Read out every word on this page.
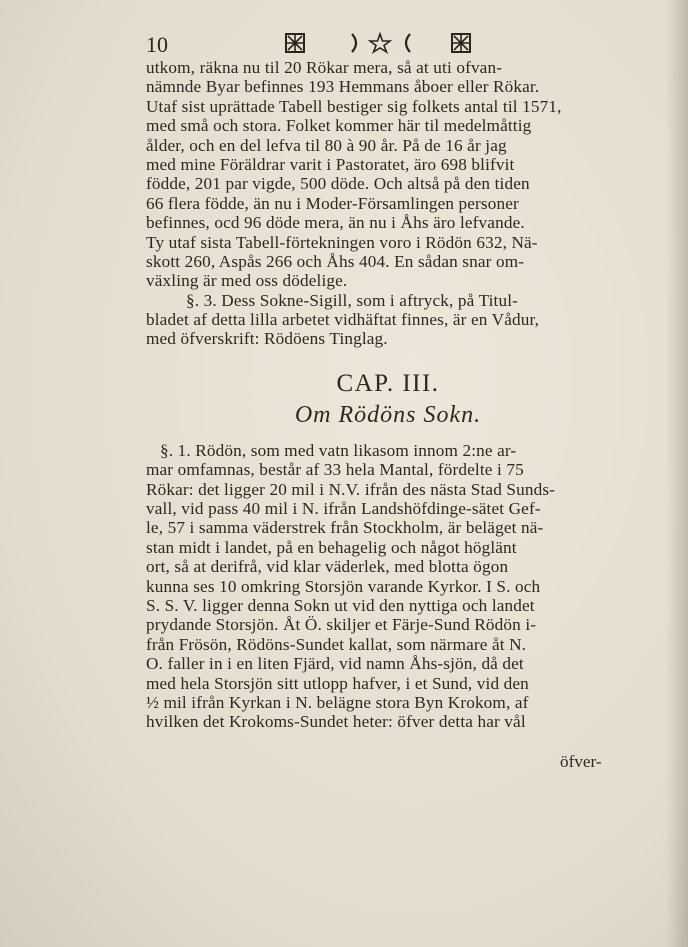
10
utkom, räkna nu til 20 Rökar mera, så at uti ofvan-
nämnde Byar befinnes 193 Hemmans åboer eller Rökar.
Utaf sist uprättade Tabell bestiger sig folkets antal til 1571,
med små och stora. Folket kommer här til medelmåttig
ålder, och en del lefva til 80 à 90 år. På de 16 år jag
med mine Föräldrar varit i Pastoratet, äro 698 blifvit
födde, 201 par vigde, 500 döde. Och altså på den tiden
66 flera födde, än nu i Moder-Församlingen personer
befinnes, ocd 96 döde mera, än nu i Åhs äro lefvande.
Ty utaf sista Tabell-förtekningen voro i Rödön 632, Nä-
skott 260, Aspås 266 och Åhs 404. En sådan snar om-
växling är med oss dödelige.
§. 3. Dess Sokne-Sigill, som i aftryck, på Titul-
bladet af detta lilla arbetet vidhäftat finnes, är en Vådur,
med öfverskrift: Rödöens Tinglag.
CAP. III.
Om Rödöns Sokn.
§. 1. Rödön, som med vatn likasom innom 2:ne ar-
mar omfamnas, består af 33 hela Mantal, fördelte i 75
Rökar: det ligger 20 mil i N.V. ifrån des nästa Stad Sunds-
vall, vid pass 40 mil i N. ifrån Landshöfdinge-sätet Gef-
le, 57 i samma väderstrek från Stockholm, är beläget nä-
stan midt i landet, på en behagelig och något höglänt
ort, så at derifrå, vid klar väderlek, med blotta ögon
kunna ses 10 omkring Storsjön varande Kyrkor. I S. och
S. S. V. ligger denna Sokn ut vid den nyttiga och landet
prydande Storsjön. Åt Ö. skiljer et Färje-Sund Rödön i-
från Frösön, Rödöns-Sundet kallat, som närmare åt N.
O. faller in i en liten Fjärd, vid namn Åhs-sjön, då det
med hela Storsjön sitt utlopp hafver, i et Sund, vid den
½ mil ifrån Kyrkan i N. belägne stora Byn Krokom, af
hvilken det Krokoms-Sundet heter: öfver detta har vål
öfver-
